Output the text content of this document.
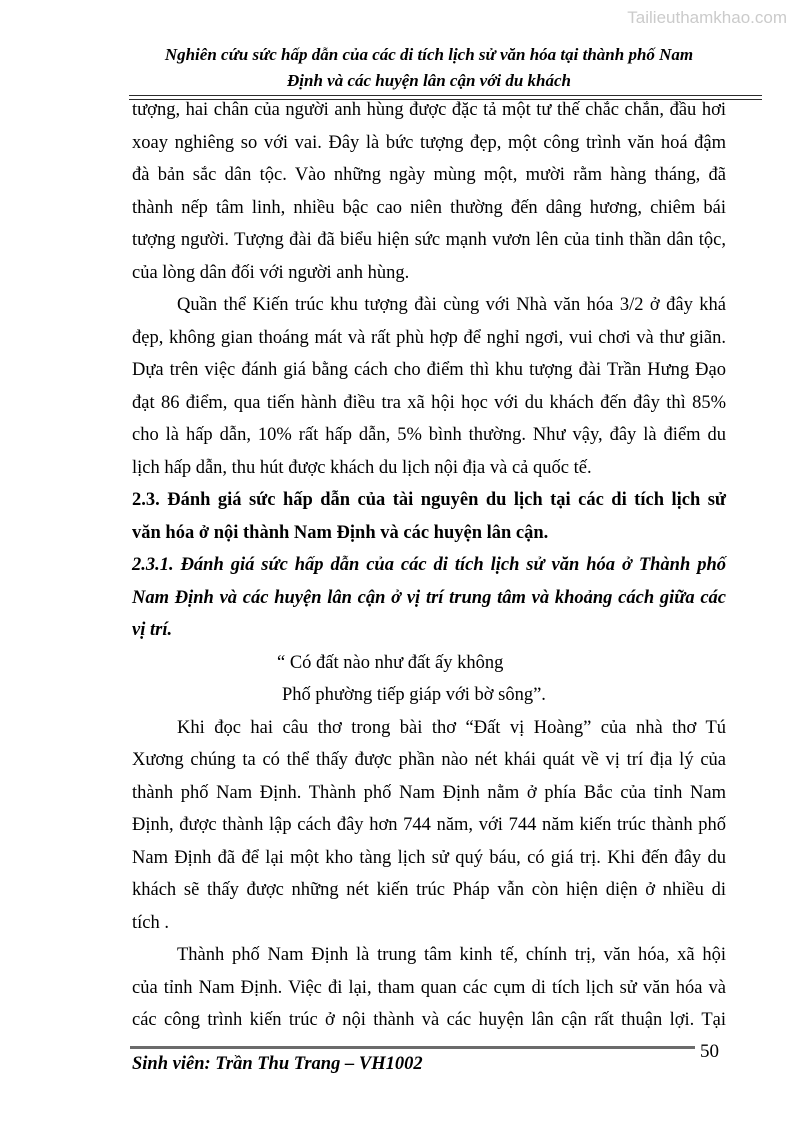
Tailieuthamkhao.com
Nghiên cứu sức hấp dẫn của các di tích lịch sử văn hóa tại thành phố Nam
Định và các huyện lân cận với du khách
tượng, hai chân của người anh hùng được đặc tả một tư thế chắc chắn, đầu hơi
xoay nghiêng so với vai. Đây là bức tượng đẹp, một công trình văn hoá đậm
đà bản sắc dân tộc. Vào những ngày mùng một, mười rằm hàng tháng, đã
thành nếp tâm linh, nhiều bậc cao niên thường đến dâng hương, chiêm bái
tượng người. Tượng đài đã biểu hiện sức mạnh vươn lên của tinh thần dân tộc,
của lòng dân đối với người anh hùng.
Quần thể Kiến trúc khu tượng đài cùng với Nhà văn hóa 3/2 ở đây khá
đẹp, không gian thoáng mát và rất phù hợp để nghỉ ngơi, vui chơi và thư giãn.
Dựa trên việc đánh giá bằng cách cho điểm thì khu tượng đài Trần Hưng Đạo
đạt 86 điểm, qua tiến hành điều tra xã hội học với du khách đến đây thì 85%
cho là hấp dẫn, 10% rất hấp dẫn, 5% bình thường. Như vậy, đây là điểm du
lịch hấp dẫn, thu hút được khách du lịch nội địa và cả quốc tế.
2.3. Đánh giá sức hấp dẫn của tài nguyên du lịch tại các di tích lịch sử
văn hóa ở nội thành Nam Định và các huyện lân cận.
2.3.1. Đánh giá sức hấp dẫn của các di tích lịch sử văn hóa ở Thành phố
Nam Định và các huyện lân cận ở vị trí trung tâm và khoảng cách giữa các
vị trí.
“ Có đất nào như đất ấy không
Phố phường tiếp giáp với bờ sông”.
Khi đọc hai câu thơ trong bài thơ “Đất vị Hoàng” của nhà thơ Tú
Xương chúng ta có thể thấy được phần nào nét khái quát về vị trí địa lý của
thành phố Nam Định. Thành phố Nam Định nằm ở phía Bắc của tỉnh Nam
Định, được thành lập cách đây hơn 744 năm, với 744 năm kiến trúc thành phố
Nam Định đã để lại một kho tàng lịch sử quý báu, có giá trị. Khi đến đây du
khách sẽ thấy được những nét kiến trúc Pháp vẫn còn hiện diện ở nhiều di
tích .
Thành phố Nam Định là trung tâm kinh tế, chính trị, văn hóa, xã hội
của tỉnh Nam Định. Việc đi lại, tham quan các cụm di tích lịch sử văn hóa và
các công trình kiến trúc ở nội thành và các huyện lân cận rất thuận lợi. Tại
Sinh viên: Trần Thu Trang – VH1002
50
